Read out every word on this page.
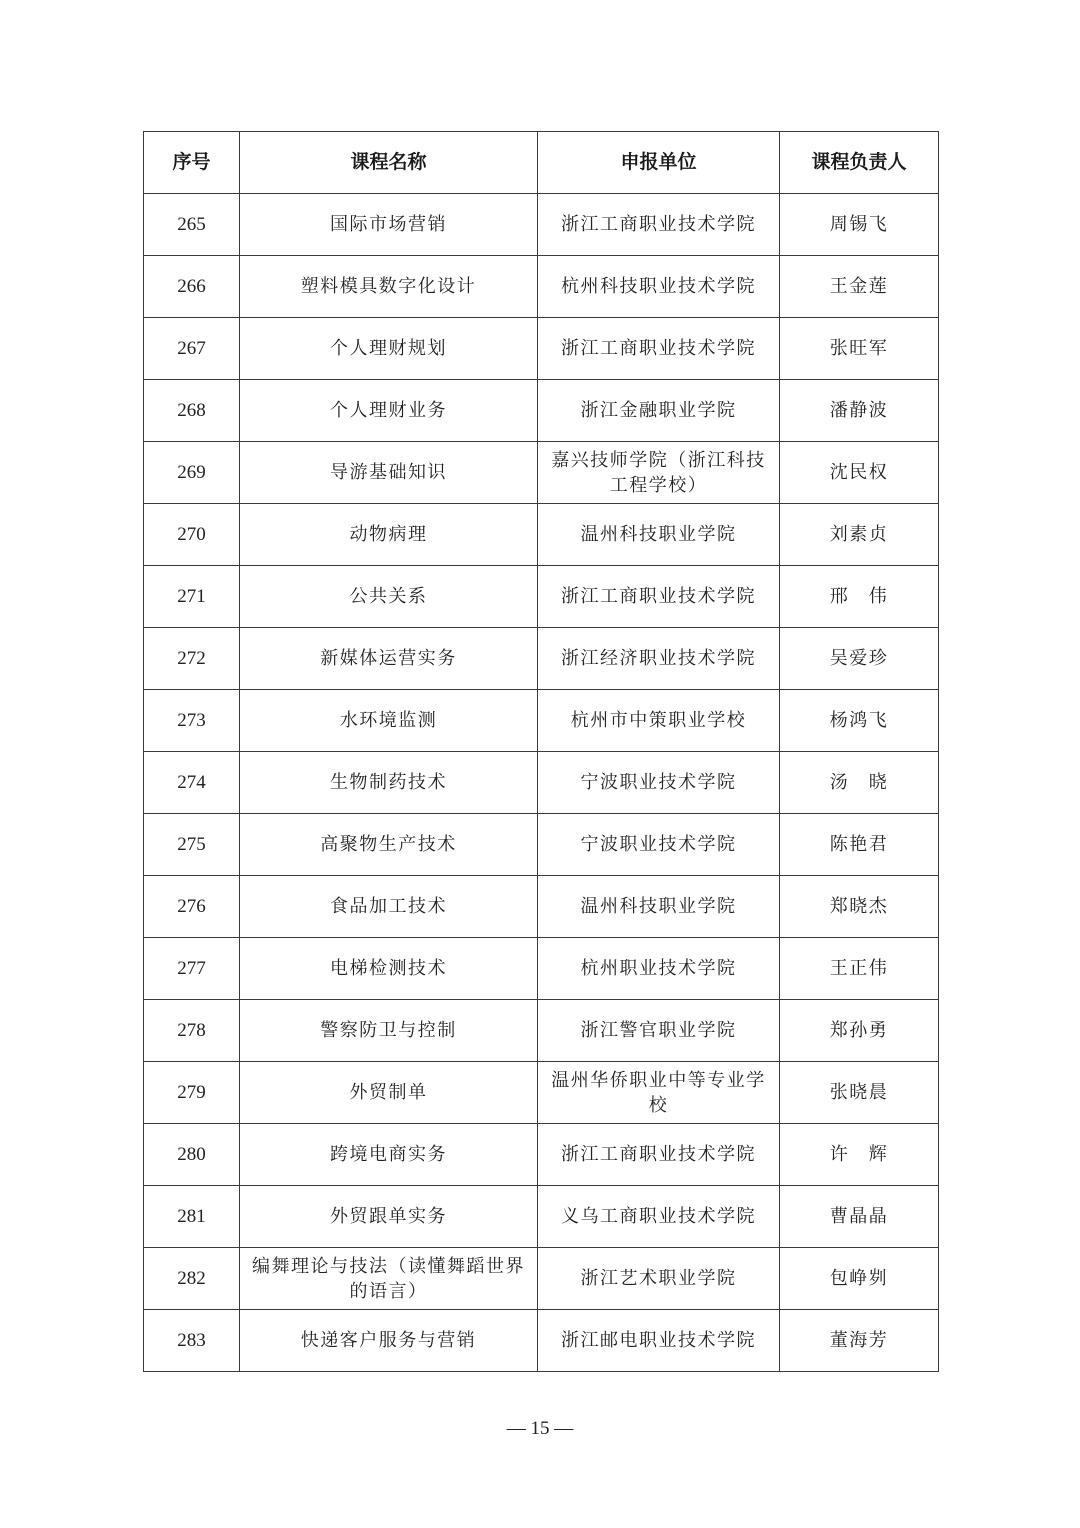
序号	课程名称	申报单位	课程负责人
265	国际市场营销	浙江工商职业技术学院	周锡飞
266	塑料模具数字化设计	杭州科技职业技术学院	王金莲
267	个人理财规划	浙江工商职业技术学院	张旺军
268	个人理财业务	浙江金融职业学院	潘静波
269	导游基础知识	嘉兴技师学院（浙江科技工程学校）	沈民权
270	动物病理	温州科技职业学院	刘素贞
271	公共关系	浙江工商职业技术学院	邢　伟
272	新媒体运营实务	浙江经济职业技术学院	吴爱珍
273	水环境监测	杭州市中策职业学校	杨鸿飞
274	生物制药技术	宁波职业技术学院	汤　晓
275	高聚物生产技术	宁波职业技术学院	陈艳君
276	食品加工技术	温州科技职业学院	郑晓杰
277	电梯检测技术	杭州职业技术学院	王正伟
278	警察防卫与控制	浙江警官职业学院	郑孙勇
279	外贸制单	温州华侨职业中等专业学校	张晓晨
280	跨境电商实务	浙江工商职业技术学院	许　辉
281	外贸跟单实务	义乌工商职业技术学院	曹晶晶
282	编舞理论与技法（读懂舞蹈世界的语言）	浙江艺术职业学院	包峥刿
283	快递客户服务与营销	浙江邮电职业技术学院	董海芳
— 15 —
